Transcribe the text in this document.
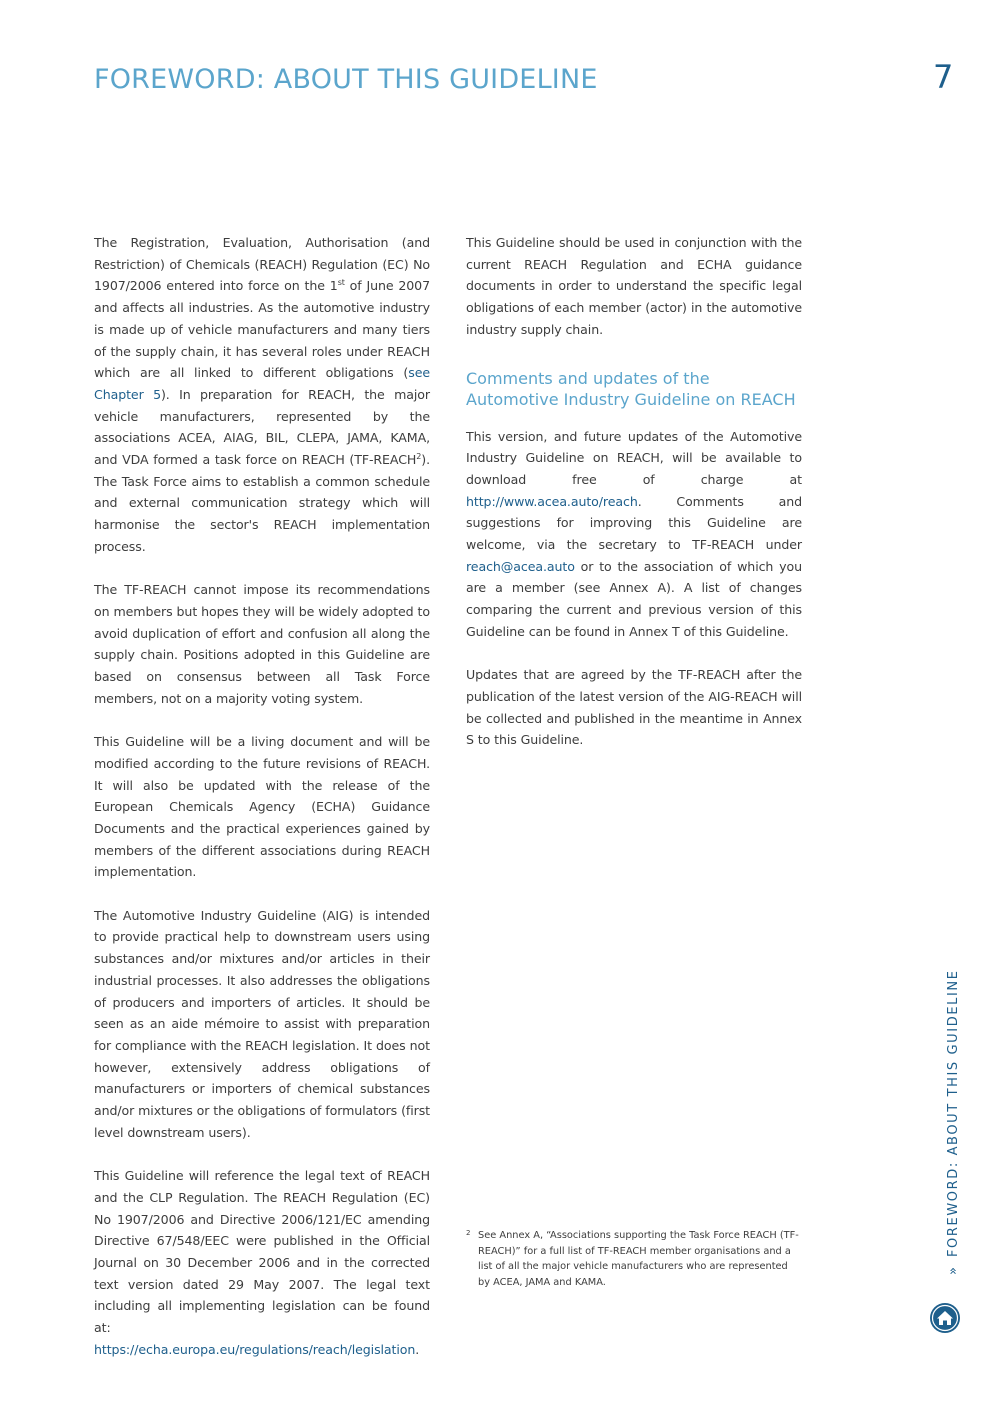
FOREWORD: ABOUT THIS GUIDELINE	7

The Registration, Evaluation, Authorisation (and Restriction) of Chemicals (REACH) Regulation (EC) No 1907/2006 entered into force on the 1st of June 2007 and affects all industries. As the automotive industry is made up of vehicle manufacturers and many tiers of the supply chain, it has several roles under REACH which are all linked to different obligations (see Chapter 5). In preparation for REACH, the major vehicle manufacturers, represented by the associations ACEA, AIAG, BIL, CLEPA, JAMA, KAMA, and VDA formed a task force on REACH (TF-REACH$^2$). The Task Force aims to establish a common schedule and external communication strategy which will harmonise the sector's REACH implementation process.

The TF-REACH cannot impose its recommendations on members but hopes they will be widely adopted to avoid duplication of effort and confusion all along the supply chain. Positions adopted in this Guideline are based on consensus between all Task Force members, not on a majority voting system.

This Guideline will be a living document and will be modified according to the future revisions of REACH. It will also be updated with the release of the European Chemicals Agency (ECHA) Guidance Documents and the practical experiences gained by members of the different associations during REACH implementation.

The Automotive Industry Guideline (AIG) is intended to provide practical help to downstream users using substances and/or mixtures and/or articles in their industrial processes. It also addresses the obligations of producers and importers of articles. It should be seen as an aide mémoire to assist with preparation for compliance with the REACH legislation. It does not however, extensively address obligations of manufacturers or importers of chemical substances and/or mixtures or the obligations of formulators (first level downstream users).

This Guideline will reference the legal text of REACH and the CLP Regulation. The REACH Regulation (EC) No 1907/2006 and Directive 2006/121/EC amending Directive 67/548/EEC were published in the Official Journal on 30 December 2006 and in the corrected text version dated 29 May 2007. The legal text including all implementing legislation can be found at: https://echa.europa.eu/regulations/reach/legislation.

This Guideline should be used in conjunction with the current REACH Regulation and ECHA guidance documents in order to understand the specific legal obligations of each member (actor) in the automotive industry supply chain.

Comments and updates of the Automotive Industry Guideline on REACH

This version, and future updates of the Automotive Industry Guideline on REACH, will be available to download free of charge at http://www.acea.auto/reach. Comments and suggestions for improving this Guideline are welcome, via the secretary to TF-REACH under reach@acea.auto or to the association of which you are a member (see Annex A). A list of changes comparing the current and previous version of this Guideline can be found in Annex T of this Guideline.

Updates that are agreed by the TF-REACH after the publication of the latest version of the AIG-REACH will be collected and published in the meantime in Annex S to this Guideline.

2 See Annex A, “Associations supporting the Task Force REACH (TF-REACH)” for a full list of TF-REACH member organisations and a list of all the major vehicle manufacturers who are represented by ACEA, JAMA and KAMA.
»FOREWORD: ABOUT THIS GUIDELINE
